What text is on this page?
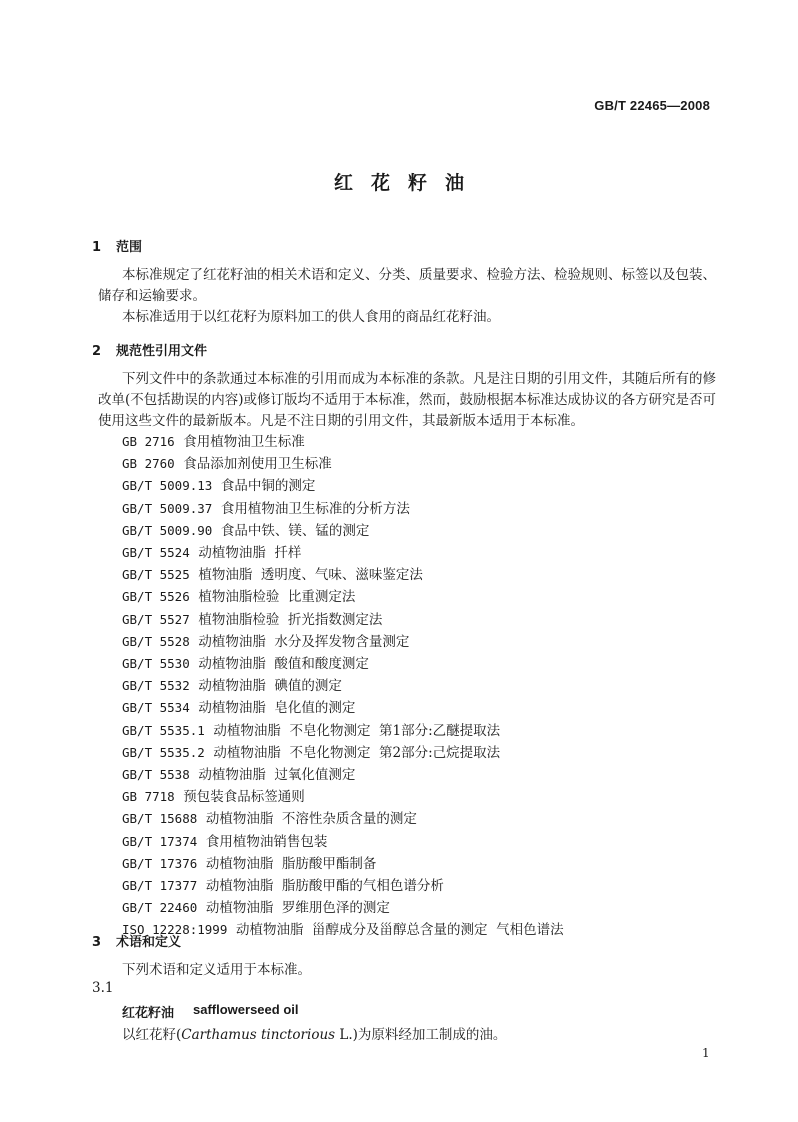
GB/T 22465—2008
红花籽油
1 范围
本标准规定了红花籽油的相关术语和定义、分类、质量要求、检验方法、检验规则、标签以及包装、储存和运输要求。
本标准适用于以红花籽为原料加工的供人食用的商品红花籽油。
2 规范性引用文件
下列文件中的条款通过本标准的引用而成为本标准的条款。凡是注日期的引用文件，其随后所有的修改单(不包括勘误的内容)或修订版均不适用于本标准，然而，鼓励根据本标准达成协议的各方研究是否可使用这些文件的最新版本。凡是不注日期的引用文件，其最新版本适用于本标准。
GB 2716  食用植物油卫生标准
GB 2760  食品添加剂使用卫生标准
GB/T 5009.13  食品中铜的测定
GB/T 5009.37  食用植物油卫生标准的分析方法
GB/T 5009.90  食品中铁、镁、锰的测定
GB/T 5524  动植物油脂  扦样
GB/T 5525  植物油脂  透明度、气味、滋味鉴定法
GB/T 5526  植物油脂检验  比重测定法
GB/T 5527  植物油脂检验  折光指数测定法
GB/T 5528  动植物油脂  水分及挥发物含量测定
GB/T 5530  动植物油脂  酸值和酸度测定
GB/T 5532  动植物油脂  碘值的测定
GB/T 5534  动植物油脂  皂化值的测定
GB/T 5535.1  动植物油脂  不皂化物测定  第1部分:乙醚提取法
GB/T 5535.2  动植物油脂  不皂化物测定  第2部分:己烷提取法
GB/T 5538  动植物油脂  过氧化值测定
GB 7718  预包装食品标签通则
GB/T 15688  动植物油脂  不溶性杂质含量的测定
GB/T 17374  食用植物油销售包装
GB/T 17376  动植物油脂  脂肪酸甲酯制备
GB/T 17377  动植物油脂  脂肪酸甲酯的气相色谱分析
GB/T 22460  动植物油脂  罗维朋色泽的测定
ISO 12228:1999  动植物油脂  甾醇成分及甾醇总含量的测定  气相色谱法
3 术语和定义
下列术语和定义适用于本标准。
3.1
红花籽油 safflowerseed oil
以红花籽(Carthamus tinctorious L.)为原料经加工制成的油。
1
